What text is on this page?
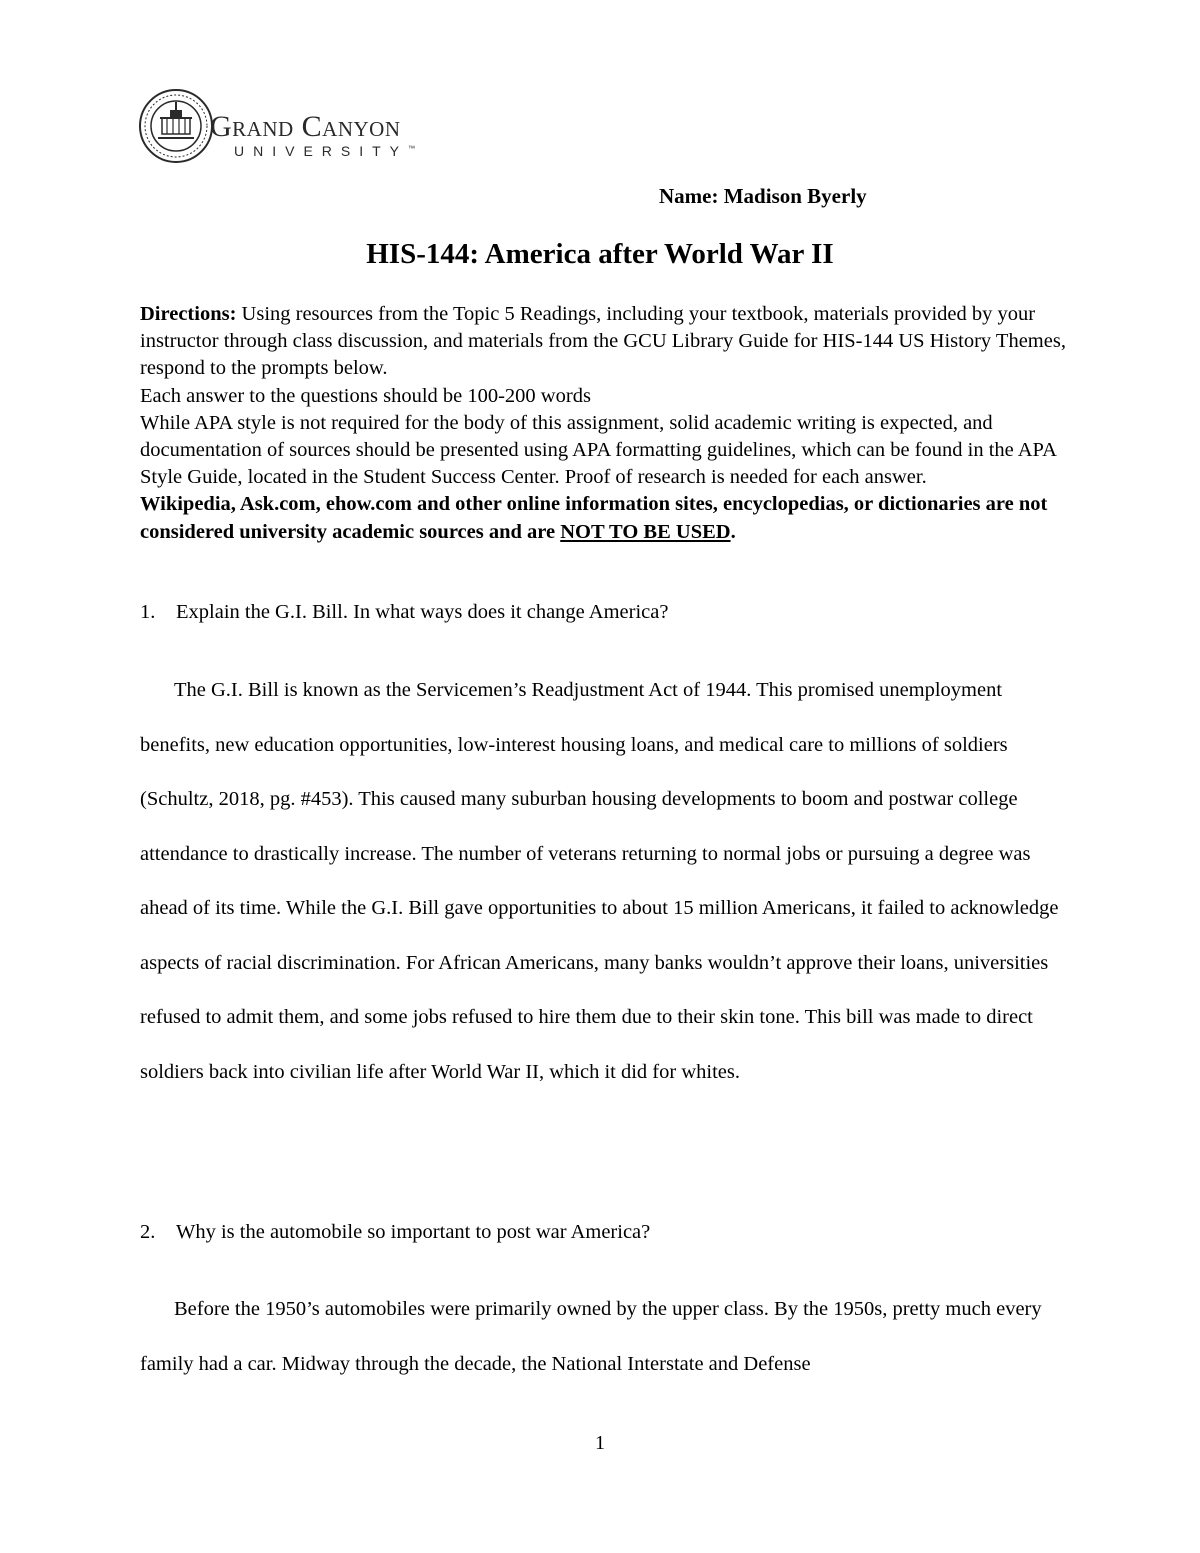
Grand Canyon
UNIVERSITY™
Name: Madison Byerly
HIS-144: America after World War II

Directions: Using resources from the Topic 5 Readings, including your textbook, materials provided by your instructor through class discussion, and materials from the GCU Library Guide for HIS-144 US History Themes, respond to the prompts below.

Each answer to the questions should be 100-200 words

While APA style is not required for the body of this assignment, solid academic writing is expected, and documentation of sources should be presented using APA formatting guidelines, which can be found in the APA Style Guide, located in the Student Success Center. Proof of research is needed for each answer.

Wikipedia, Ask.com, ehow.com and other online information sites, encyclopedias, or dictionaries are not considered university academic sources and are NOT TO BE USED.

1. Explain the G.I. Bill. In what ways does it change America?

The G.I. Bill is known as the Servicemen’s Readjustment Act of 1944. This promised unemployment benefits, new education opportunities, low-interest housing loans, and medical care to millions of soldiers (Schultz, 2018, pg. #453). This caused many suburban housing developments to boom and postwar college attendance to drastically increase. The number of veterans returning to normal jobs or pursuing a degree was ahead of its time. While the G.I. Bill gave opportunities to about 15 million Americans, it failed to acknowledge aspects of racial discrimination. For African Americans, many banks wouldn’t approve their loans, universities refused to admit them, and some jobs refused to hire them due to their skin tone. This bill was made to direct soldiers back into civilian life after World War II, which it did for whites.

2. Why is the automobile so important to post war America?

Before the 1950’s automobiles were primarily owned by the upper class. By the 1950s, pretty much every family had a car. Midway through the decade, the National Interstate and Defense

1
